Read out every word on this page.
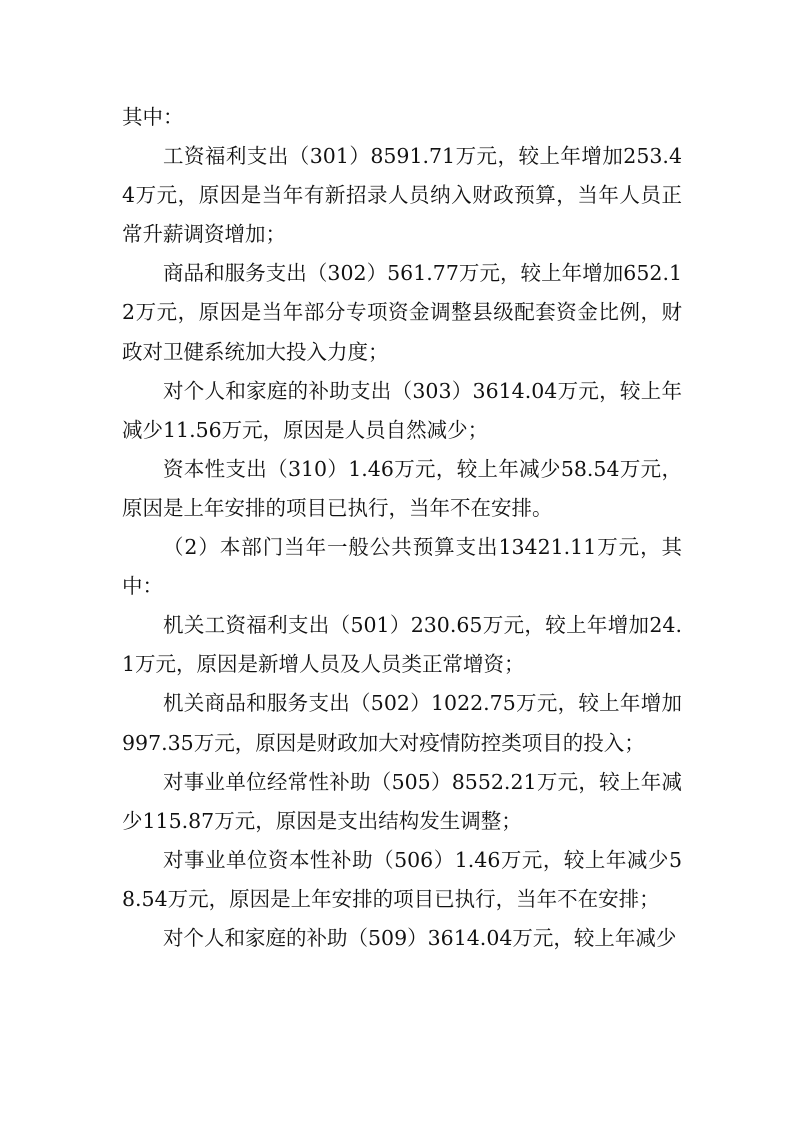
其中：

工资福利支出（301）8591.71万元，较上年增加253.44万元，原因是当年有新招录人员纳入财政预算，当年人员正常升薪调资增加；

商品和服务支出（302）561.77万元，较上年增加652.12万元，原因是当年部分专项资金调整县级配套资金比例，财政对卫健系统加大投入力度；

对个人和家庭的补助支出（303）3614.04万元，较上年减少11.56万元，原因是人员自然减少；

资本性支出（310）1.46万元，较上年减少58.54万元，原因是上年安排的项目已执行，当年不在安排。

（2）本部门当年一般公共预算支出13421.11万元，其中：

机关工资福利支出（501）230.65万元，较上年增加24.1万元，原因是新增人员及人员类正常增资；

机关商品和服务支出（502）1022.75万元，较上年增加997.35万元，原因是财政加大对疫情防控类项目的投入；

对事业单位经常性补助（505）8552.21万元，较上年减少115.87万元，原因是支出结构发生调整；

对事业单位资本性补助（506）1.46万元，较上年减少58.54万元，原因是上年安排的项目已执行，当年不在安排；

对个人和家庭的补助（509）3614.04万元，较上年减少
